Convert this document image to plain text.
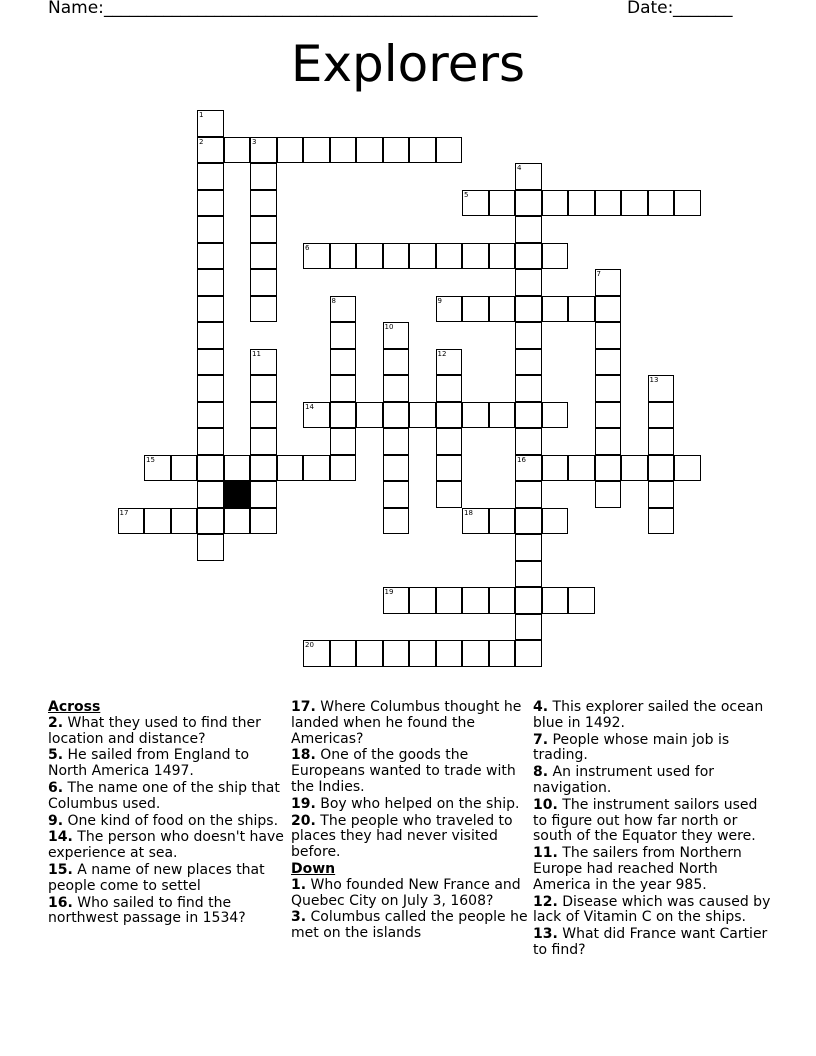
Name: ___________________________________________________	Date: _______
Explorers
2	3
5
6
9
14
15	16
17	18
19
20
1
4
7
8
10
11	12
13

Across

2. What they used to find ther location and distance?

5. He sailed from England to North America 1497.

6. The name one of the ship that Columbus used.

9. One kind of food on the ships.

14. The person who doesn't have experience at sea.

15. A name of new places that people come to settel

16. Who sailed to find the northwest passage in 1534?

17. Where Columbus thought he landed when he found the Americas?

18. One of the goods the Europeans wanted to trade with the Indies.

19. Boy who helped on the ship.

20. The people who traveled to places they had never visited before.

Down

1. Who founded New France and Quebec City on July 3, 1608?

3. Columbus called the people he met on the islands

4. This explorer sailed the ocean blue in 1492.

7. People whose main job is trading.

8. An instrument used for navigation.

10. The instrument sailors used to figure out how far north or south of the Equator they were.

11. The sailers from Northern Europe had reached North America in the year 985.

12. Disease which was caused by lack of Vitamin C on the ships.

13. What did France want Cartier to find?
